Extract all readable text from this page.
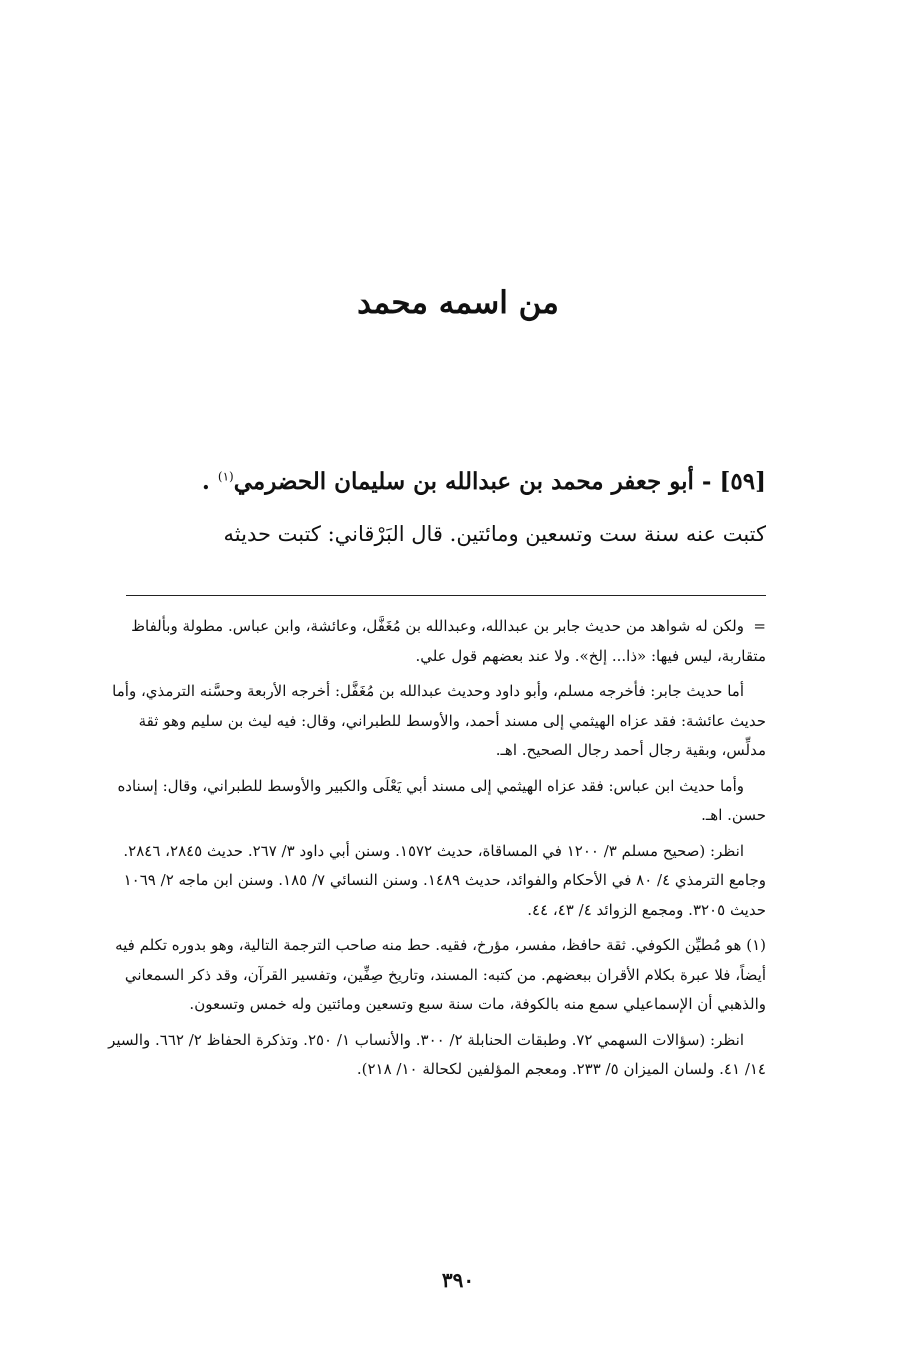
من اسمه محمد
[٥٩] - أبو جعفر محمد بن عبدالله بن سليمان الحضرمي$^{(١)}$ .

كتبت عنه سنة ست وتسعين ومائتين. قال البَرْقاني: كتبت حديثه

=ولكن له شواهد من حديث جابر بن عبدالله، وعبدالله بن مُغَفَّل، وعائشة، وابن عباس. مطولة وبألفاظ متقاربة، ليس فيها: «ذا... إلخ». ولا عند بعضهم قول علي.

أما حديث جابر: فأخرجه مسلم، وأبو داود وحديث عبدالله بن مُغَفَّل: أخرجه الأربعة وحسَّنه الترمذي، وأما حديث عائشة: فقد عزاه الهيثمي إلى مسند أحمد، والأوسط للطبراني، وقال: فيه ليث بن سليم وهو ثقة مدلِّس، وبقية رجال أحمد رجال الصحيح. اهـ.

وأما حديث ابن عباس: فقد عزاه الهيثمي إلى مسند أبي يَعْلَى والكبير والأوسط للطبراني، وقال: إسناده حسن. اهـ.

انظر: (صحيح مسلم ٣/ ١٢٠٠ في المساقاة، حديث ١٥٧٢. وسنن أبي داود ٣/ ٢٦٧. حديث ٢٨٤٥، ٢٨٤٦. وجامع الترمذي ٤/ ٨٠ في الأحكام والفوائد، حديث ١٤٨٩. وسنن النسائي ٧/ ١٨٥. وسنن ابن ماجه ٢/ ١٠٦٩ حديث ٣٢٠٥. ومجمع الزوائد ٤/ ٤٣، ٤٤.

(١) هو مُطيِّن الكوفي. ثقة حافظ، مفسر، مؤرخ، فقيه. حط منه صاحب الترجمة التالية، وهو بدوره تكلم فيه أيضاً، فلا عبرة بكلام الأقران ببعضهم. من كتبه: المسند، وتاريخ صِفِّين، وتفسير القرآن، وقد ذكر السمعاني والذهبي أن الإسماعيلي سمع منه بالكوفة، مات سنة سبع وتسعين ومائتين وله خمس وتسعون.

انظر: (سؤالات السهمي ٧٢. وطبقات الحنابلة ٢/ ٣٠٠. والأنساب ١/ ٢٥٠. وتذكرة الحفاظ ٢/ ٦٦٢. والسير ١٤/ ٤١. ولسان الميزان ٥/ ٢٣٣. ومعجم المؤلفين لكحالة ١٠/ ٢١٨).

٣٩٠
